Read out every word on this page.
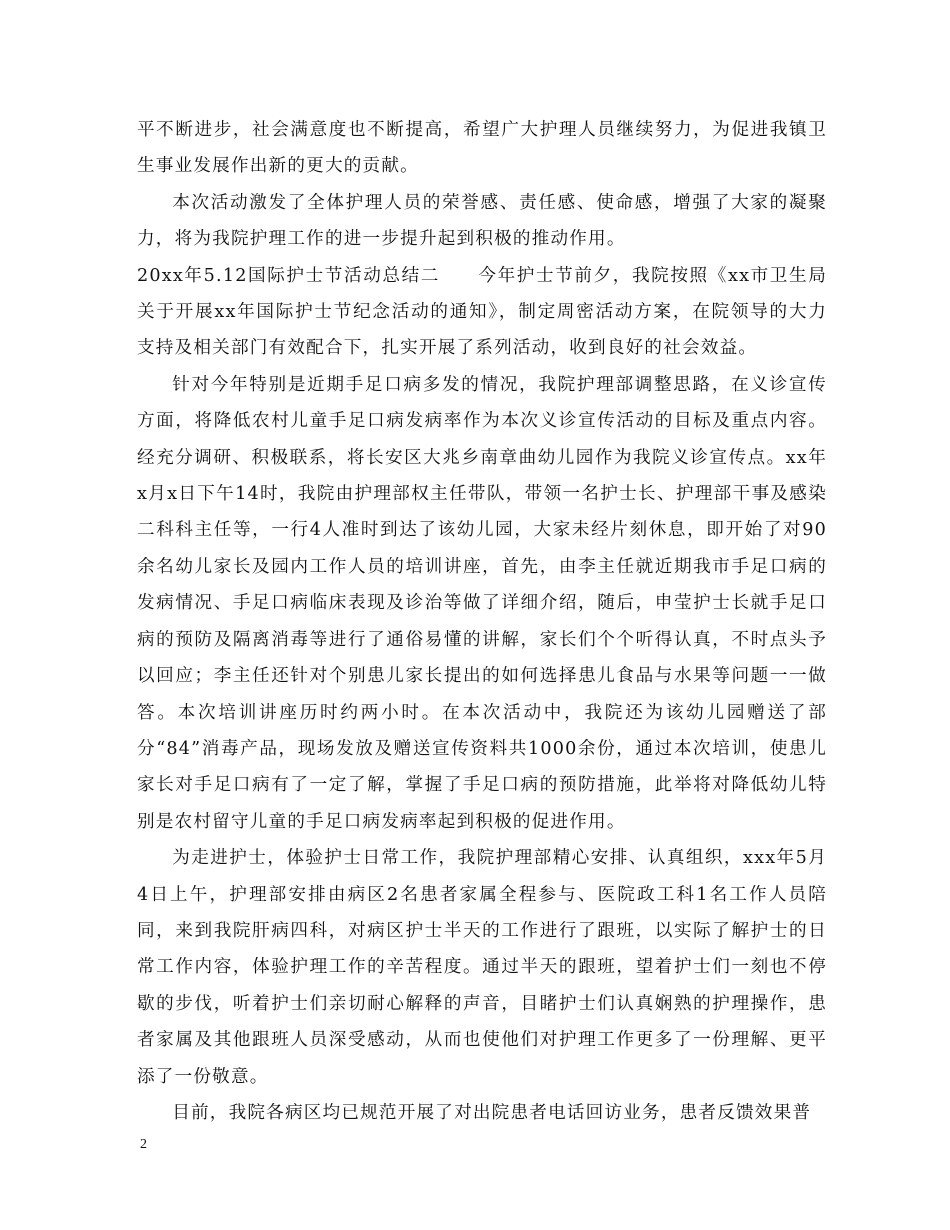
平不断进步，社会满意度也不断提高，希望广大护理人员继续努力，为促进我镇卫生事业发展作出新的更大的贡献。

本次活动激发了全体护理人员的荣誉感、责任感、使命感，增强了大家的凝聚力，将为我院护理工作的进一步提升起到积极的推动作用。

20xx年5.12国际护士节活动总结二　　今年护士节前夕，我院按照《xx市卫生局关于开展xx年国际护士节纪念活动的通知》，制定周密活动方案，在院领导的大力支持及相关部门有效配合下，扎实开展了系列活动，收到良好的社会效益。

针对今年特别是近期手足口病多发的情况，我院护理部调整思路，在义诊宣传方面，将降低农村儿童手足口病发病率作为本次义诊宣传活动的目标及重点内容。经充分调研、积极联系，将长安区大兆乡南章曲幼儿园作为我院义诊宣传点。xx年x月x日下午14时，我院由护理部权主任带队，带领一名护士长、护理部干事及感染二科科主任等，一行4人准时到达了该幼儿园，大家未经片刻休息，即开始了对90余名幼儿家长及园内工作人员的培训讲座，首先，由李主任就近期我市手足口病的发病情况、手足口病临床表现及诊治等做了详细介绍，随后，申莹护士长就手足口病的预防及隔离消毒等进行了通俗易懂的讲解，家长们个个听得认真，不时点头予以回应；李主任还针对个别患儿家长提出的如何选择患儿食品与水果等问题一一做答。本次培训讲座历时约两小时。在本次活动中，我院还为该幼儿园赠送了部分“84”消毒产品，现场发放及赠送宣传资料共1000余份，通过本次培训，使患儿家长对手足口病有了一定了解，掌握了手足口病的预防措施，此举将对降低幼儿特别是农村留守儿童的手足口病发病率起到积极的促进作用。

为走进护士，体验护士日常工作，我院护理部精心安排、认真组织，xxx年5月4日上午，护理部安排由病区2名患者家属全程参与、医院政工科1名工作人员陪同，来到我院肝病四科，对病区护士半天的工作进行了跟班，以实际了解护士的日常工作内容，体验护理工作的辛苦程度。通过半天的跟班，望着护士们一刻也不停歇的步伐，听着护士们亲切耐心解释的声音，目睹护士们认真娴熟的护理操作，患者家属及其他跟班人员深受感动，从而也使他们对护理工作更多了一份理解、更平添了一份敬意。

目前，我院各病区均已规范开展了对出院患者电话回访业务，患者反馈效果普

2
